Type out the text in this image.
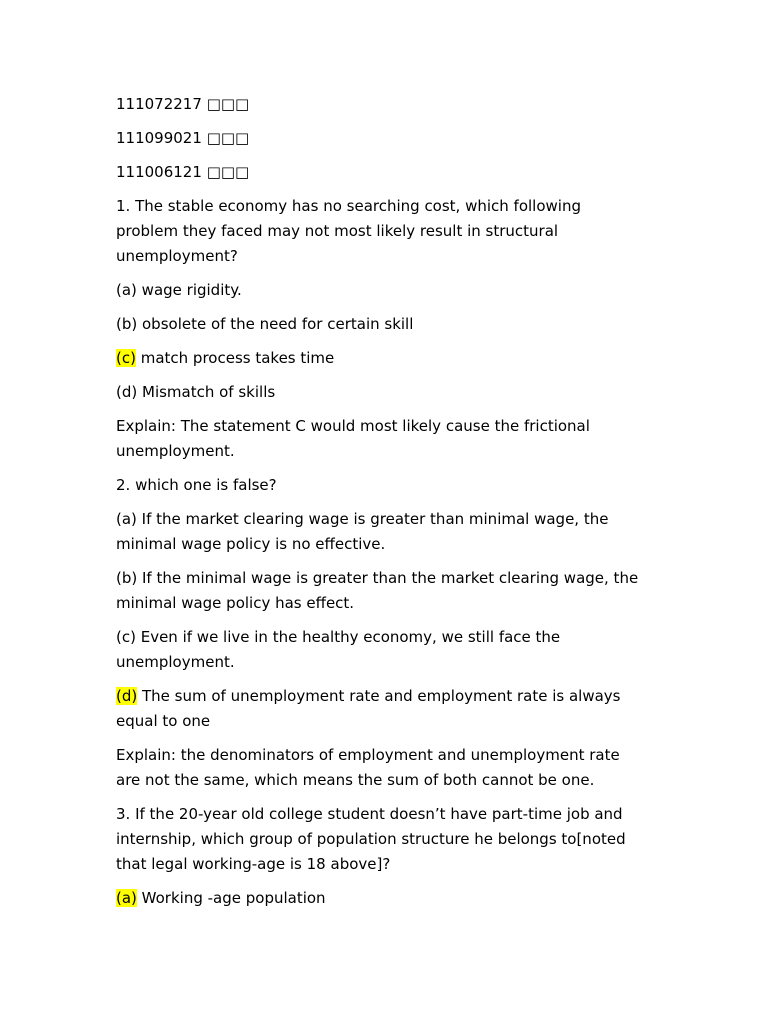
111072217 □□□

111099021 □□□

111006121 □□□

1. The stable economy has no searching cost, which following problem they faced may not most likely result in structural unemployment?

(a) wage rigidity.

(b) obsolete of the need for certain skill

(c) match process takes time

(d) Mismatch of skills

Explain: The statement C would most likely cause the frictional unemployment.

2. which one is false?

(a) If the market clearing wage is greater than minimal wage, the minimal wage policy is no effective.

(b) If the minimal wage is greater than the market clearing wage, the minimal wage policy has effect.

(c) Even if we live in the healthy economy, we still face the unemployment.

(d) The sum of unemployment rate and employment rate is always equal to one

Explain: the denominators of employment and unemployment rate are not the same, which means the sum of both cannot be one.

3. If the 20-year old college student doesn’t have part-time job and internship, which group of population structure he belongs to[noted that legal working-age is 18 above]?

(a) Working -age population
